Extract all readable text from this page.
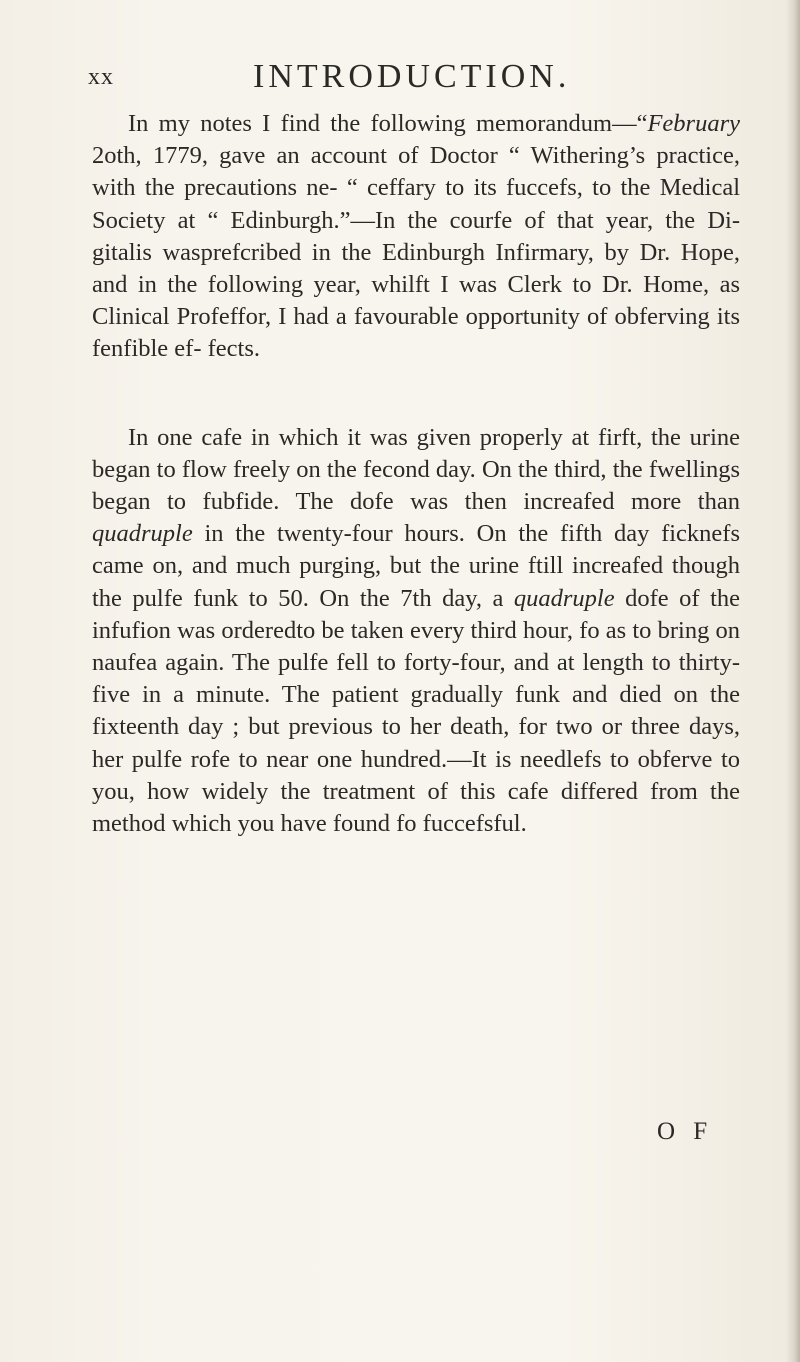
xx	INTRODUCTION.

In my notes I find the following memorandum—“February 2oth, 1779, gave an account of Doctor “ Withering’s practice, with the precautions ne- “ ceffary to its fuccefs, to the Medical Society at “ Edinburgh.”—In the courfe of that year, the Di- gitalis wasprefcribed in the Edinburgh Infirmary, by Dr. Hope, and in the following year, whilft I was Clerk to Dr. Home, as Clinical Profeffor, I had a favourable opportunity of obferving its fenfible ef- fects.

In one cafe in which it was given properly at firft, the urine began to flow freely on the fecond day. On the third, the fwellings began to fubfide. The dofe was then increafed more than quadruple in the twenty-four hours. On the fifth day ficknefs came on, and much purging, but the urine ftill increafed though the pulfe funk to 50. On the 7th day, a quadruple dofe of the infufion was orderedto be taken every third hour, fo as to bring on naufea again. The pulfe fell to forty-four, and at length to thirty- five in a minute. The patient gradually funk and died on the fixteenth day ; but previous to her death, for two or three days, her pulfe rofe to near one hundred.—It is needlefs to obferve to you, how widely the treatment of this cafe differed from the method which you have found fo fuccefsful.

O F
